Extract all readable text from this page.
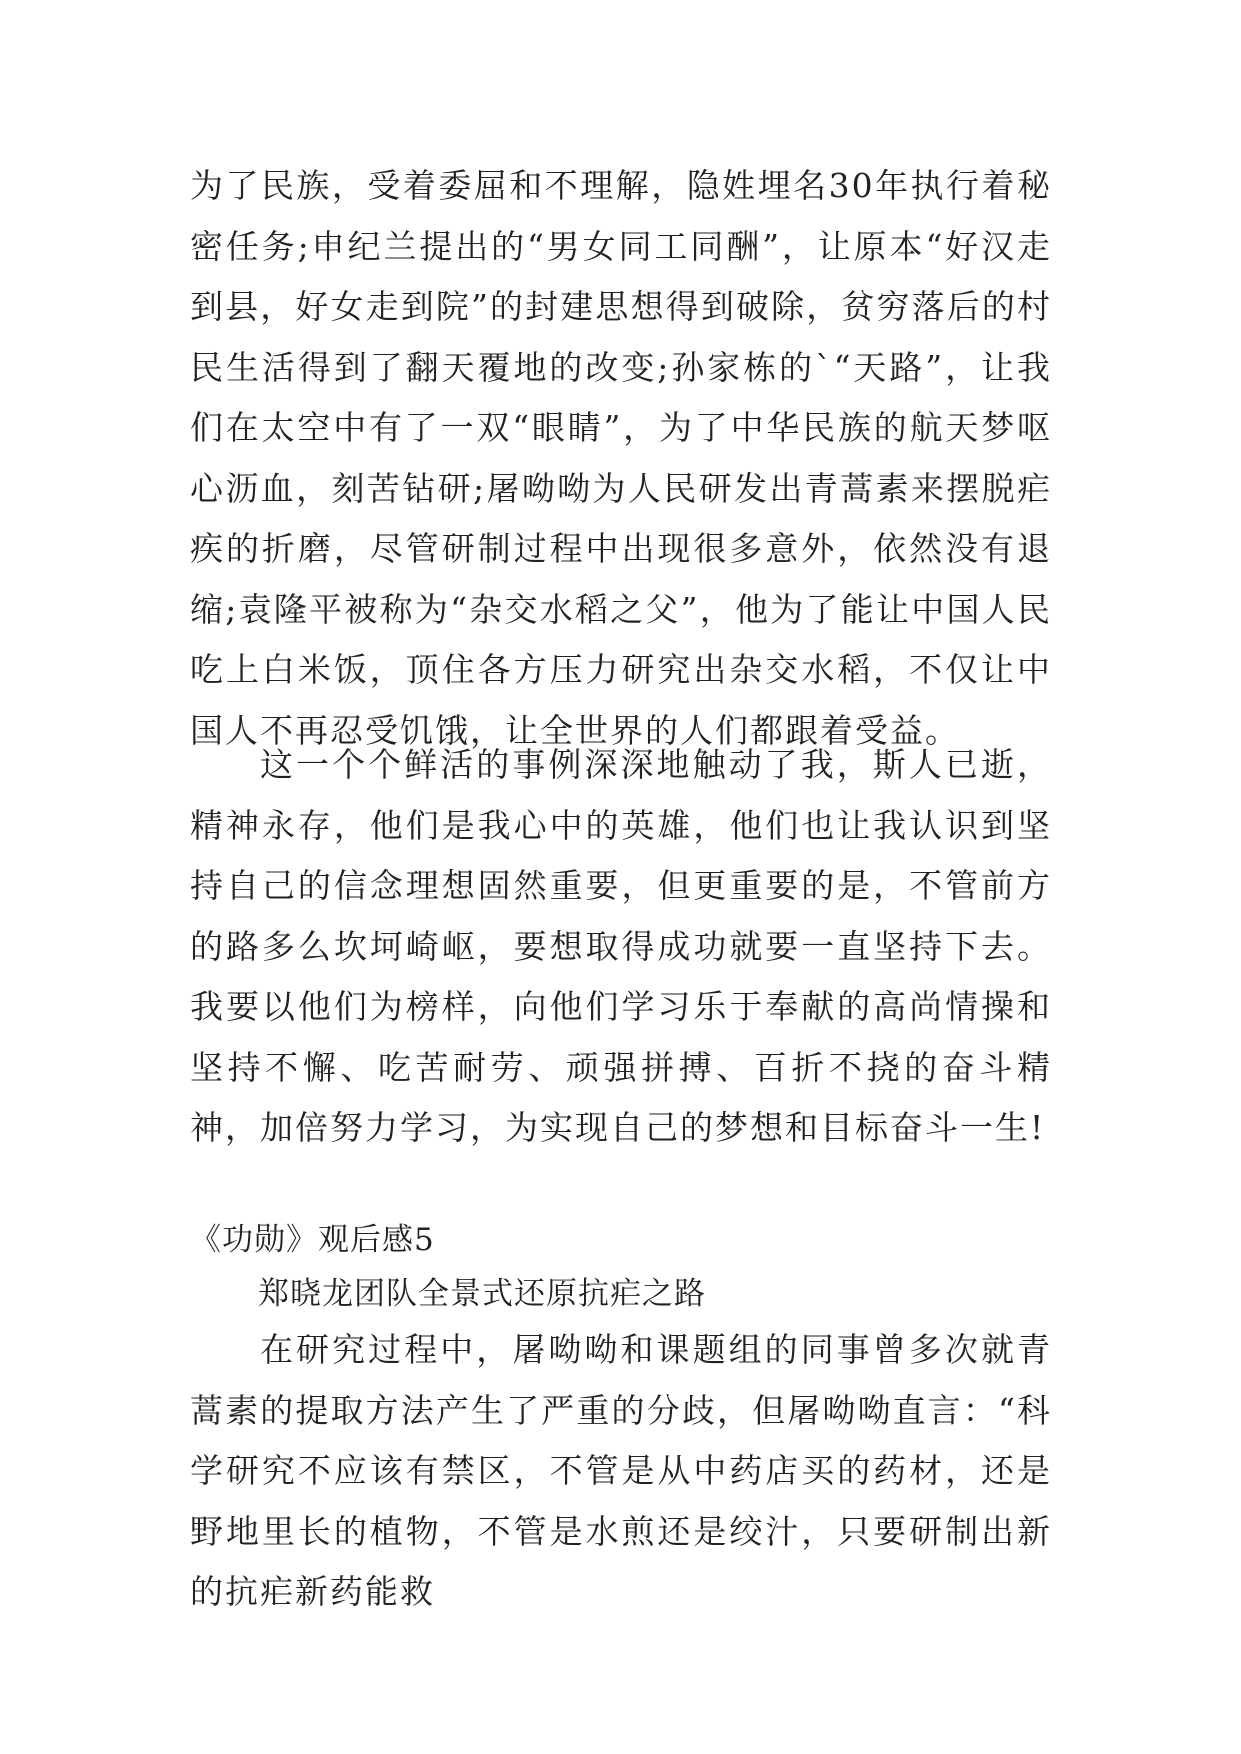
为了民族，受着委屈和不理解，隐姓埋名30年执行着秘密任务;申纪兰提出的“男女同工同酬”，让原本“好汉走到县，好女走到院”的封建思想得到破除，贫穷落后的村民生活得到了翻天覆地的改变;孙家栋的`“天路”，让我们在太空中有了一双“眼睛”，为了中华民族的航天梦呕心沥血，刻苦钻研;屠呦呦为人民研发出青蒿素来摆脱疟疾的折磨，尽管研制过程中出现很多意外，依然没有退缩;袁隆平被称为“杂交水稻之父”，他为了能让中国人民吃上白米饭，顶住各方压力研究出杂交水稻，不仅让中国人不再忍受饥饿，让全世界的人们都跟着受益。

这一个个鲜活的事例深深地触动了我，斯人已逝，精神永存，他们是我心中的英雄，他们也让我认识到坚持自己的信念理想固然重要，但更重要的是，不管前方的路多么坎坷崎岖，要想取得成功就要一直坚持下去。我要以他们为榜样，向他们学习乐于奉献的高尚情操和坚持不懈、吃苦耐劳、顽强拼搏、百折不挠的奋斗精神，加倍努力学习，为实现自己的梦想和目标奋斗一生!

《功勋》观后感5
郑晓龙团队全景式还原抗疟之路

在研究过程中，屠呦呦和课题组的同事曾多次就青蒿素的提取方法产生了严重的分歧，但屠呦呦直言：“科学研究不应该有禁区，不管是从中药店买的药材，还是野地里长的植物，不管是水煎还是绞汁，只要研制出新的抗疟新药能救
